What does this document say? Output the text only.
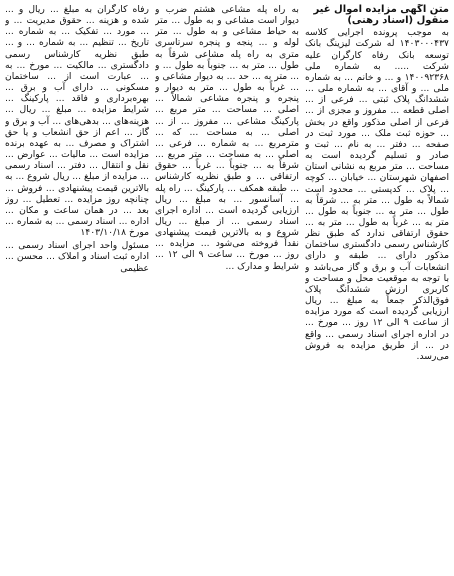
متن آگهی مزایده اموال غیر منقول (اسناد رهنی)

به موجب پرونده اجرایی کلاسه ۱۴۰۳۰۰۰۴۳۷ له شرکت لیزینگ بانک توسعه بانک رفاه کارگران علیه شرکت ..... به شماره ملی ۱۴۰۰۹۲۳۶۸ و ... و خانم ... به شماره ملی ... و آقای ... به شماره ملی ... ششدانگ پلاک ثبتی ... فرعی از ... اصلی قطعه ... مفروز و مجزی از ... فرعی از اصلی مذکور واقع در بخش ... حوزه ثبت ملک ... مورد ثبت در صفحه ... دفتر ... به نام ... ثبت و صادر و تسلیم گردیده است به مساحت ... متر مربع به نشانی استان اصفهان شهرستان ... خیابان ... کوچه ... پلاک ... کدپستی ... محدود است شمالاً به طول ... متر به ... شرقاً به طول ... متر به ... جنوباً به طول ... متر به ... غرباً به طول ... متر به ... حقوق ارتفاقی ندارد که طبق نظر کارشناس رسمی دادگستری ساختمان مذکور دارای ... طبقه و دارای انشعابات آب و برق و گاز می‌باشد و با توجه به موقعیت محل و مساحت و کاربری ارزش ششدانگ پلاک فوق‌الذکر جمعاً به مبلغ ... ریال ارزیابی گردیده است که مورد مزایده از ساعت ۹ الی ۱۲ روز ... مورخ ... در اداره اجرای اسناد رسمی ... واقع در ... از طریق مزایده به فروش می‌رسد.

به راه پله مشاعی هشتم ضرب و دیوار است مشاعی و به طول ... متر به حیاط مشاعی و به طول ... متر لوله و ... پنجه و پنجره سرتاسری متری به راه پله مشاعی شرقاً به طول ... متر به ... جنوباً به طول ... و ... متر به ... حد ... به دیوار مشاعی و ... غرباً به طول ... متر به دیوار و پنجره و پنجره مشاعی شمالاً ... اصلی ... مساحت ... متر مربع ... پارکینگ مشاعی ... مفروز ... از ... اصلی ... به مساحت ... که ... مترمربع ... به شماره ... فرعی ... اصلی ... به مساحت ... متر مربع ... شرقاً به ... جنوباً ... غرباً ... حقوق ارتفاقی ... و طبق نظریه کارشناس ... طبقه همکف ... پارکینگ ... راه پله ... آسانسور ... به مبلغ ... ریال ارزیابی گردیده است ... اداره اجرای اسناد رسمی ... از مبلغ ... ریال شروع و به بالاترین قیمت پیشنهادی نقداً فروخته می‌شود ... مزایده ... روز ... مورخ ... ساعت ۹ الی ۱۲ ... شرایط و مدارک ...

رفاه کارگران به مبلغ ... ریال و ... شده و هزینه ... حقوق مدیریت ... و ... مورد ... تفکیک ... به شماره ... تاریخ ... تنظیم ... به شماره ... و ... طبق نظریه کارشناس رسمی دادگستری ... مالکیت ... مورخ ... به ... عبارت است از ... ساختمان مسکونی ... دارای آب و برق ... بهره‌برداری و فاقد ... پارکینگ ... شرایط مزایده ... مبلغ ... ریال ... هزینه‌های ... بدهی‌های ... آب و برق و گاز ... اعم از حق انشعاب و یا حق اشتراک و مصرف ... به عهده برنده مزایده است ... مالیات ... عوارض ... نقل و انتقال ... دفتر ... اسناد رسمی ... مزایده از مبلغ ... ریال شروع ... به بالاترین قیمت پیشنهادی ... فروش ... چنانچه روز مزایده ... تعطیل ... روز بعد ... در همان ساعت و مکان ... اداره ... اسناد رسمی ... به شماره ... مورخ ۱۴۰۳/۱۰/۱۸

مسئول واحد اجرای اسناد رسمی ... اداره ثبت اسناد و املاک ... محسن ... عظیمی
